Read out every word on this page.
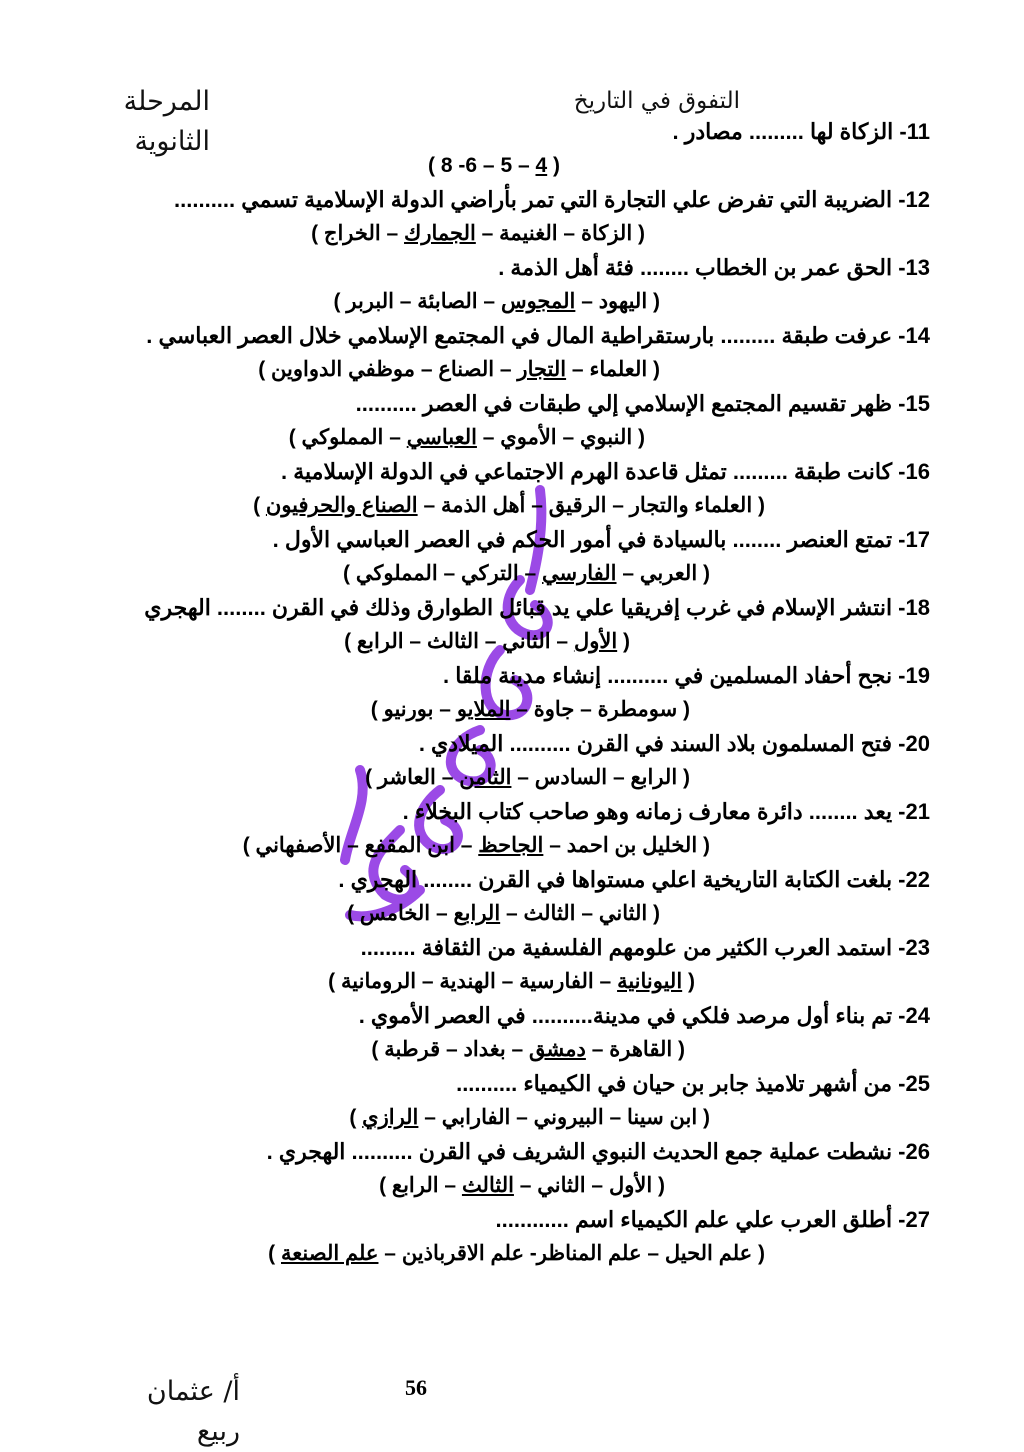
التفوق في التاريخ
المرحلة الثانوية	11- الزكاة لها ......... مصادر .
( 4 – 5 – 6- 8 )
12- الضريبة التي تفرض علي التجارة التي تمر بأراضي الدولة الإسلامية تسمي ..........
( الزكاة – الغنيمة – الجمارك – الخراج )
13- الحق عمر بن الخطاب ........ فئة أهل الذمة .
( اليهود – المجوس – الصابئة – البربر )
14- عرفت طبقة ......... بارستقراطية المال في المجتمع الإسلامي خلال العصر العباسي .
( العلماء – التجار – الصناع – موظفي الدواوين )
15- ظهر تقسيم المجتمع الإسلامي إلي طبقات في العصر ..........
( النبوي – الأموي – العباسي – المملوكي )
16- كانت طبقة ......... تمثل قاعدة الهرم الاجتماعي في الدولة الإسلامية .
( العلماء والتجار – الرقيق – أهل الذمة – الصناع والحرفيون )
17- تمتع العنصر ........ بالسيادة في أمور الحكم في العصر العباسي الأول .
( العربي – الفارسي – التركي – المملوكي )
18- انتشر الإسلام في غرب إفريقيا علي يد قبائل الطوارق وذلك في القرن ........ الهجري
( الأول – الثاني – الثالث – الرابع )
19- نجح أحفاد المسلمين في .......... إنشاء مدينة ملقا .
( سومطرة – جاوة – الملايو – بورنيو )
20- فتح المسلمون بلاد السند في القرن .......... الميلادي .
( الرابع – السادس – الثامن – العاشر )
21- يعد ........ دائرة معارف زمانه وهو صاحب كتاب البخلاء .
( الخليل بن احمد – الجاحظ – ابن المقفع – الأصفهاني )
22- بلغت الكتابة التاريخية اعلي مستواها في القرن ........ الهجري .
( الثاني – الثالث – الرابع – الخامس )
23- استمد العرب الكثير من علومهم الفلسفية من الثقافة .........
( اليونانية – الفارسية – الهندية – الرومانية )
24- تم بناء أول مرصد فلكي في مدينة.......... في العصر الأموي .
( القاهرة – دمشق – بغداد – قرطبة )
25- من أشهر تلاميذ جابر بن حيان في الكيمياء ..........
( ابن سينا – البيروني – الفارابي – الرازي )
26- نشطت عملية جمع الحديث النبوي الشريف في القرن .......... الهجري .
( الأول – الثاني – الثالث – الرابع )
27- أطلق العرب علي علم الكيمياء اسم ............
( علم الحيل – علم المناظر- علم الاقرباذين – علم الصنعة )
أ/ عثمان ربيع
56
